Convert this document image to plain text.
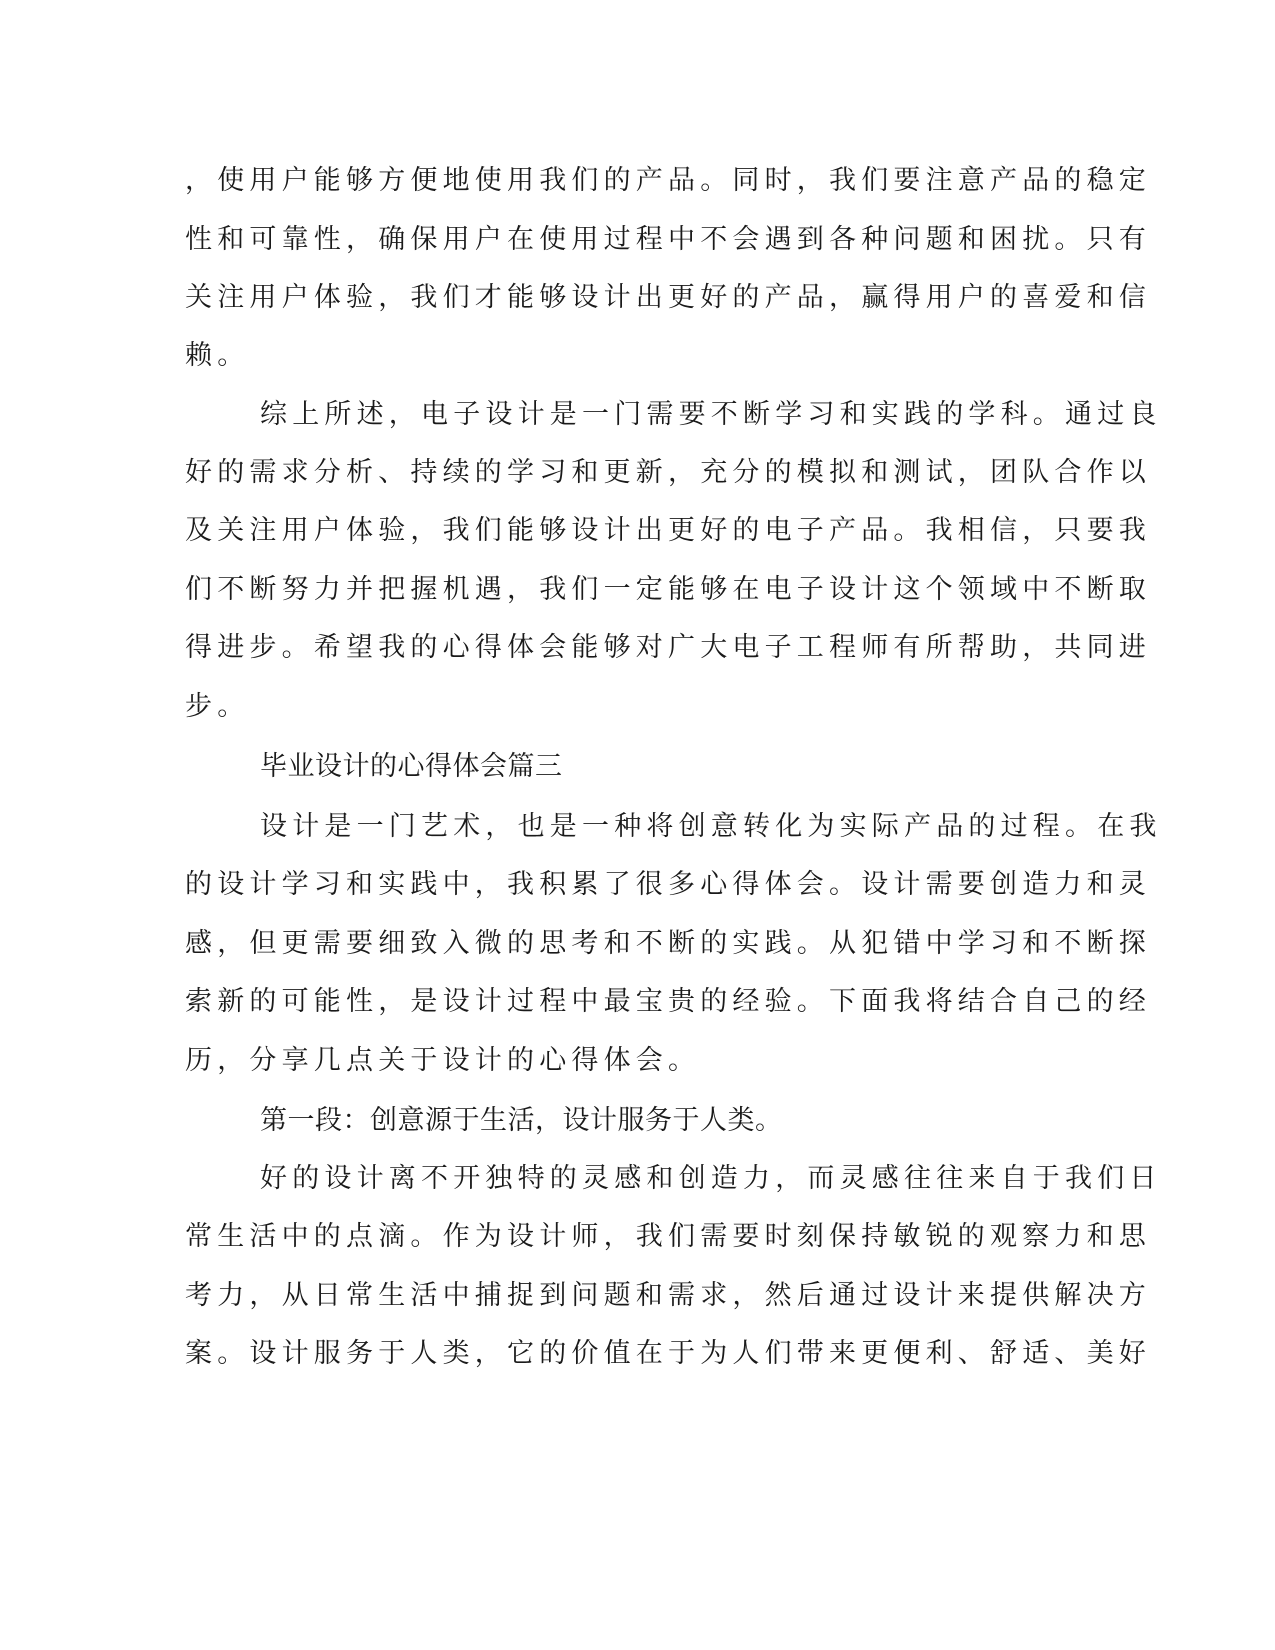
，使用户能够方便地使用我们的产品。同时，我们要注意产品的稳定
性和可靠性，确保用户在使用过程中不会遇到各种问题和困扰。只有
关注用户体验，我们才能够设计出更好的产品，赢得用户的喜爱和信
赖。
综上所述，电子设计是一门需要不断学习和实践的学科。通过良
好的需求分析、持续的学习和更新，充分的模拟和测试，团队合作以
及关注用户体验，我们能够设计出更好的电子产品。我相信，只要我
们不断努力并把握机遇，我们一定能够在电子设计这个领域中不断取
得进步。希望我的心得体会能够对广大电子工程师有所帮助，共同进
步。
毕业设计的心得体会篇三
设计是一门艺术，也是一种将创意转化为实际产品的过程。在我
的设计学习和实践中，我积累了很多心得体会。设计需要创造力和灵
感，但更需要细致入微的思考和不断的实践。从犯错中学习和不断探
索新的可能性，是设计过程中最宝贵的经验。下面我将结合自己的经
历，分享几点关于设计的心得体会。
第一段：创意源于生活，设计服务于人类。
好的设计离不开独特的灵感和创造力，而灵感往往来自于我们日
常生活中的点滴。作为设计师，我们需要时刻保持敏锐的观察力和思
考力，从日常生活中捕捉到问题和需求，然后通过设计来提供解决方
案。设计服务于人类，它的价值在于为人们带来更便利、舒适、美好
